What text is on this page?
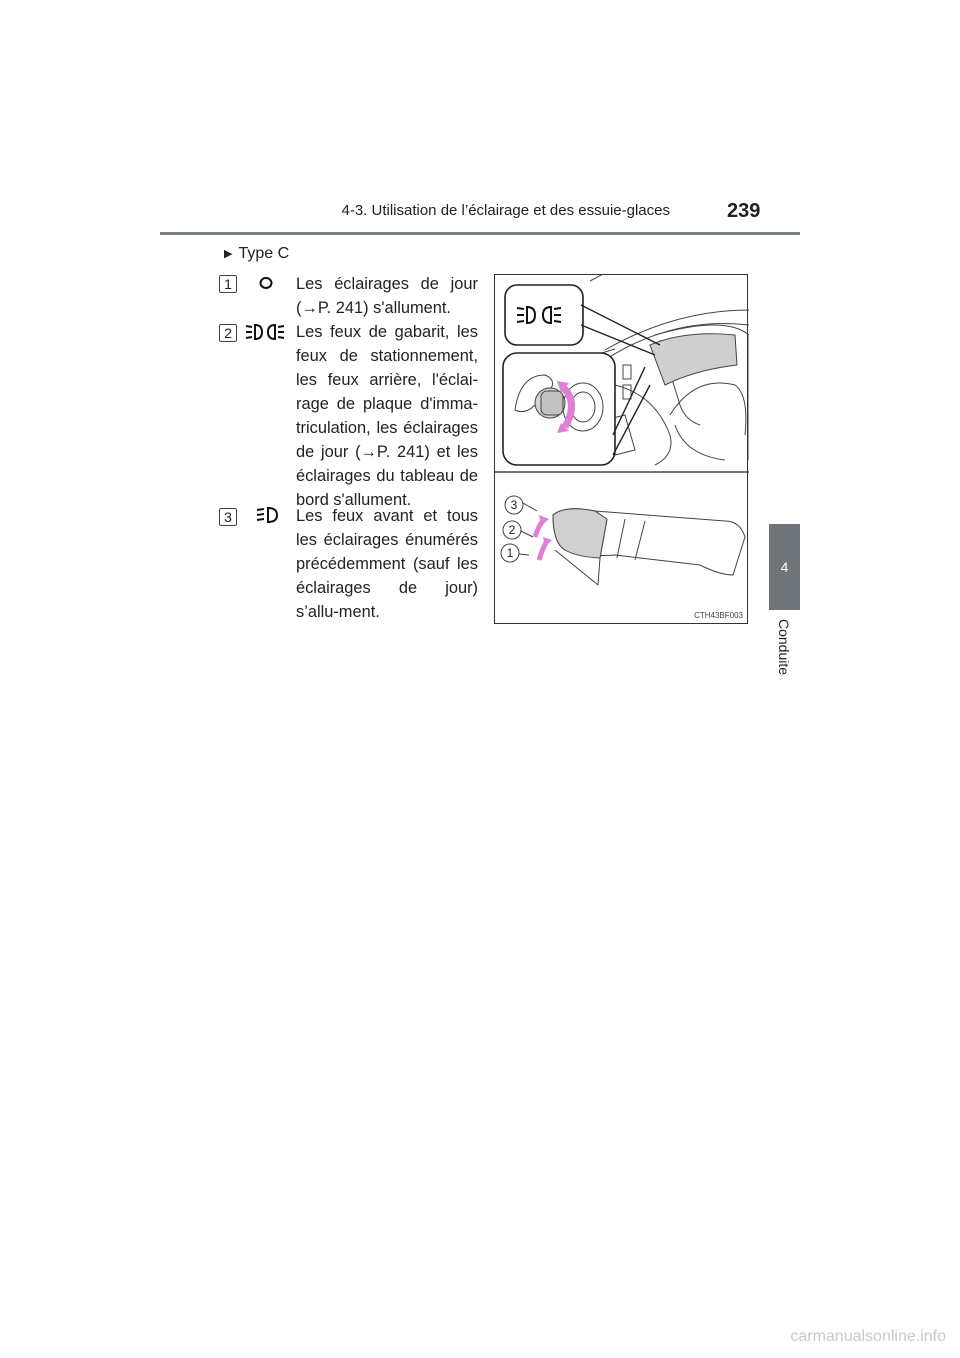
4-3. Utilisation de l’éclairage et des essuie-glaces	239
4
Conduite
▶ Type C
1	Les éclairages de jour (→P. 241) s'allument.
2	Les feux de gabarit, les feux de stationnement, les feux arrière, l'éclai-rage de plaque d'imma-triculation, les éclairages de jour (→P. 241) et les éclairages du tableau de bord s'allument.
3	Les feux avant et tous les éclairages énumérés précédemment (sauf les éclairages de jour) s’allu-ment.
3
2
1
CTH43BF003
carmanualsonline.info
